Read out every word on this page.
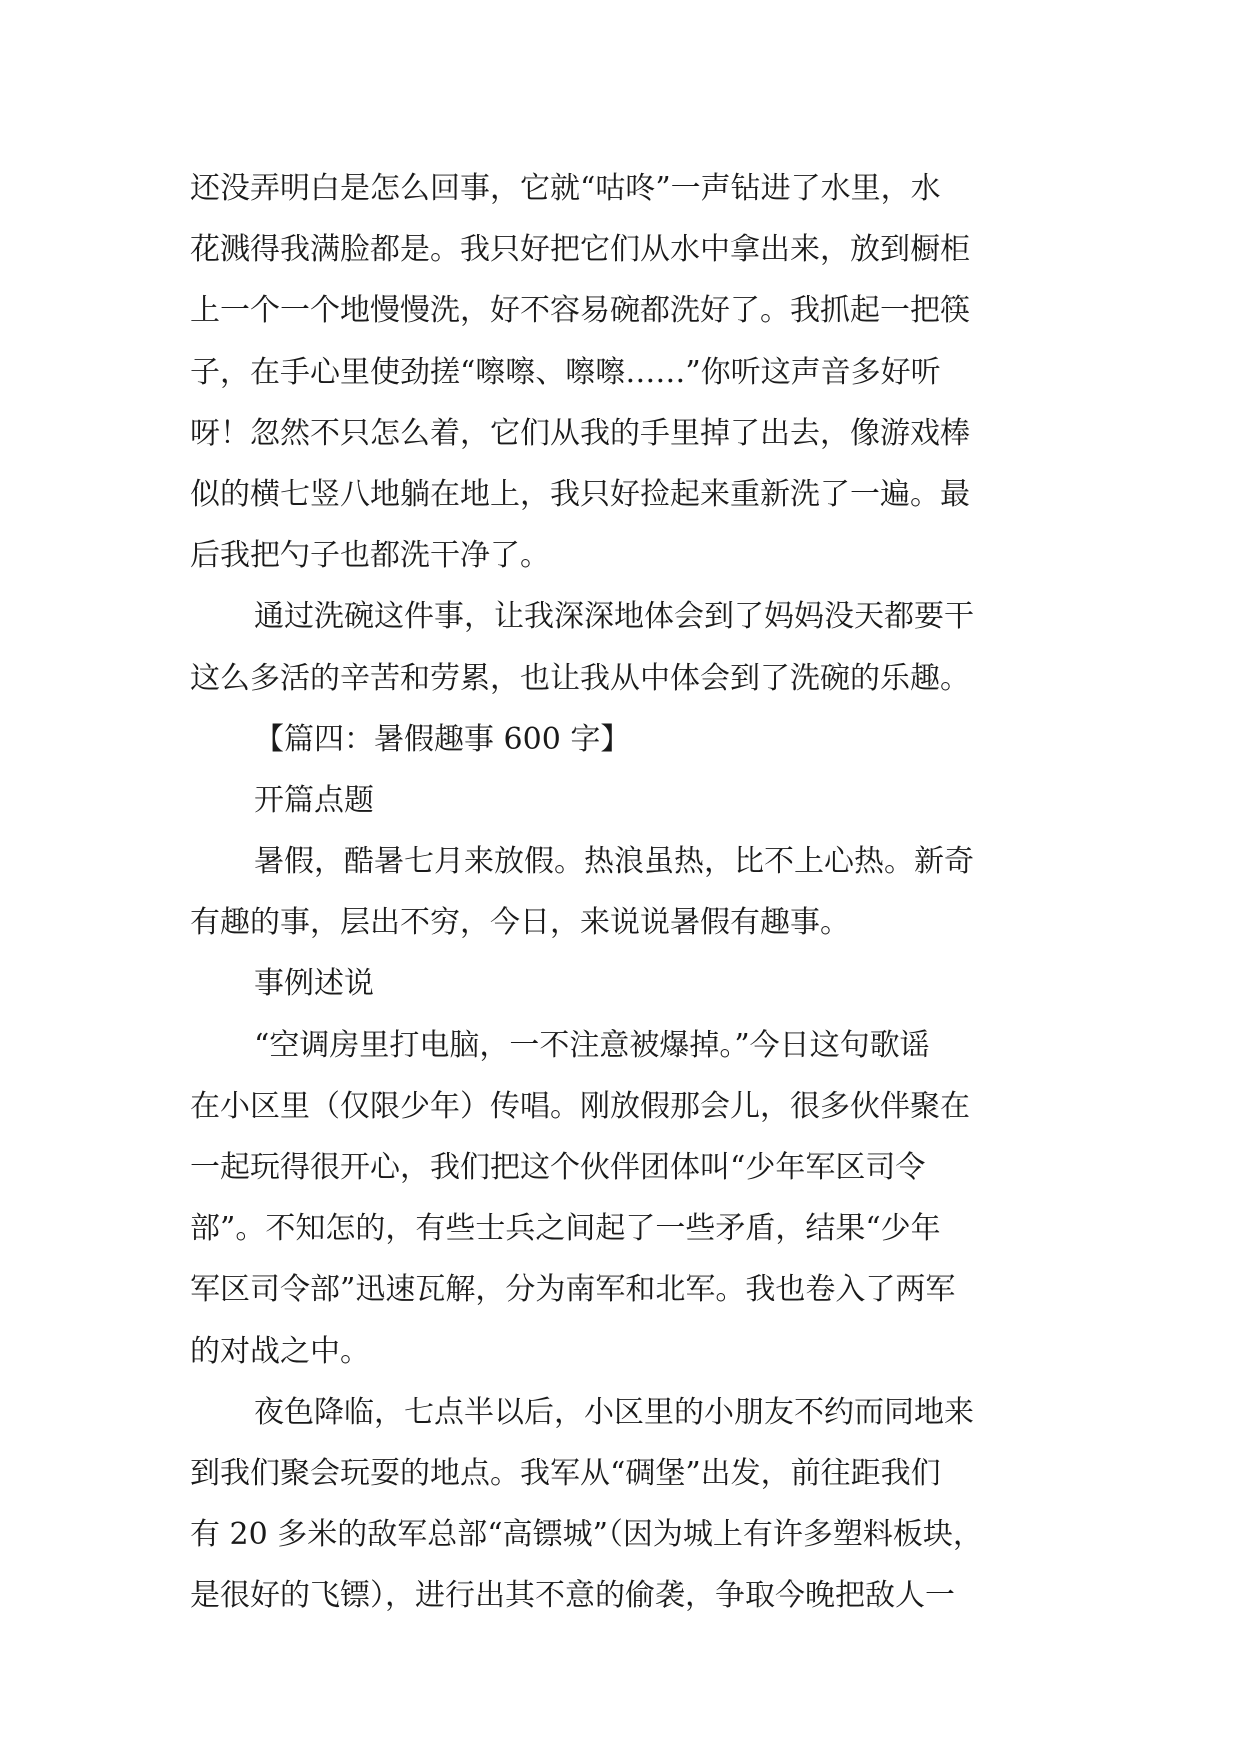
还没弄明白是怎么回事，它就“咕咚”一声钻进了水里，水
花溅得我满脸都是。我只好把它们从水中拿出来，放到橱柜
上一个一个地慢慢洗，好不容易碗都洗好了。我抓起一把筷
子，在手心里使劲搓“嚓嚓、嚓嚓……”你听这声音多好听
呀！忽然不只怎么着，它们从我的手里掉了出去，像游戏棒
似的横七竖八地躺在地上，我只好捡起来重新洗了一遍。最
后我把勺子也都洗干净了。
通过洗碗这件事，让我深深地体会到了妈妈没天都要干
这么多活的辛苦和劳累，也让我从中体会到了洗碗的乐趣。
【篇四：暑假趣事 600 字】
开篇点题
暑假，酷暑七月来放假。热浪虽热，比不上心热。新奇
有趣的事，层出不穷，今日，来说说暑假有趣事。
事例述说
“空调房里打电脑，一不注意被爆掉。”今日这句歌谣
在小区里（仅限少年）传唱。刚放假那会儿，很多伙伴聚在
一起玩得很开心，我们把这个伙伴团体叫“少年军区司令
部”。不知怎的，有些士兵之间起了一些矛盾，结果“少年
军区司令部”迅速瓦解，分为南军和北军。我也卷入了两军
的对战之中。
夜色降临，七点半以后，小区里的小朋友不约而同地来
到我们聚会玩耍的地点。我军从“碉堡”出发，前往距我们
有 20 多米的敌军总部“高镖城”（因为城上有许多塑料板块，
是很好的飞镖），进行出其不意的偷袭，争取今晚把敌人一
